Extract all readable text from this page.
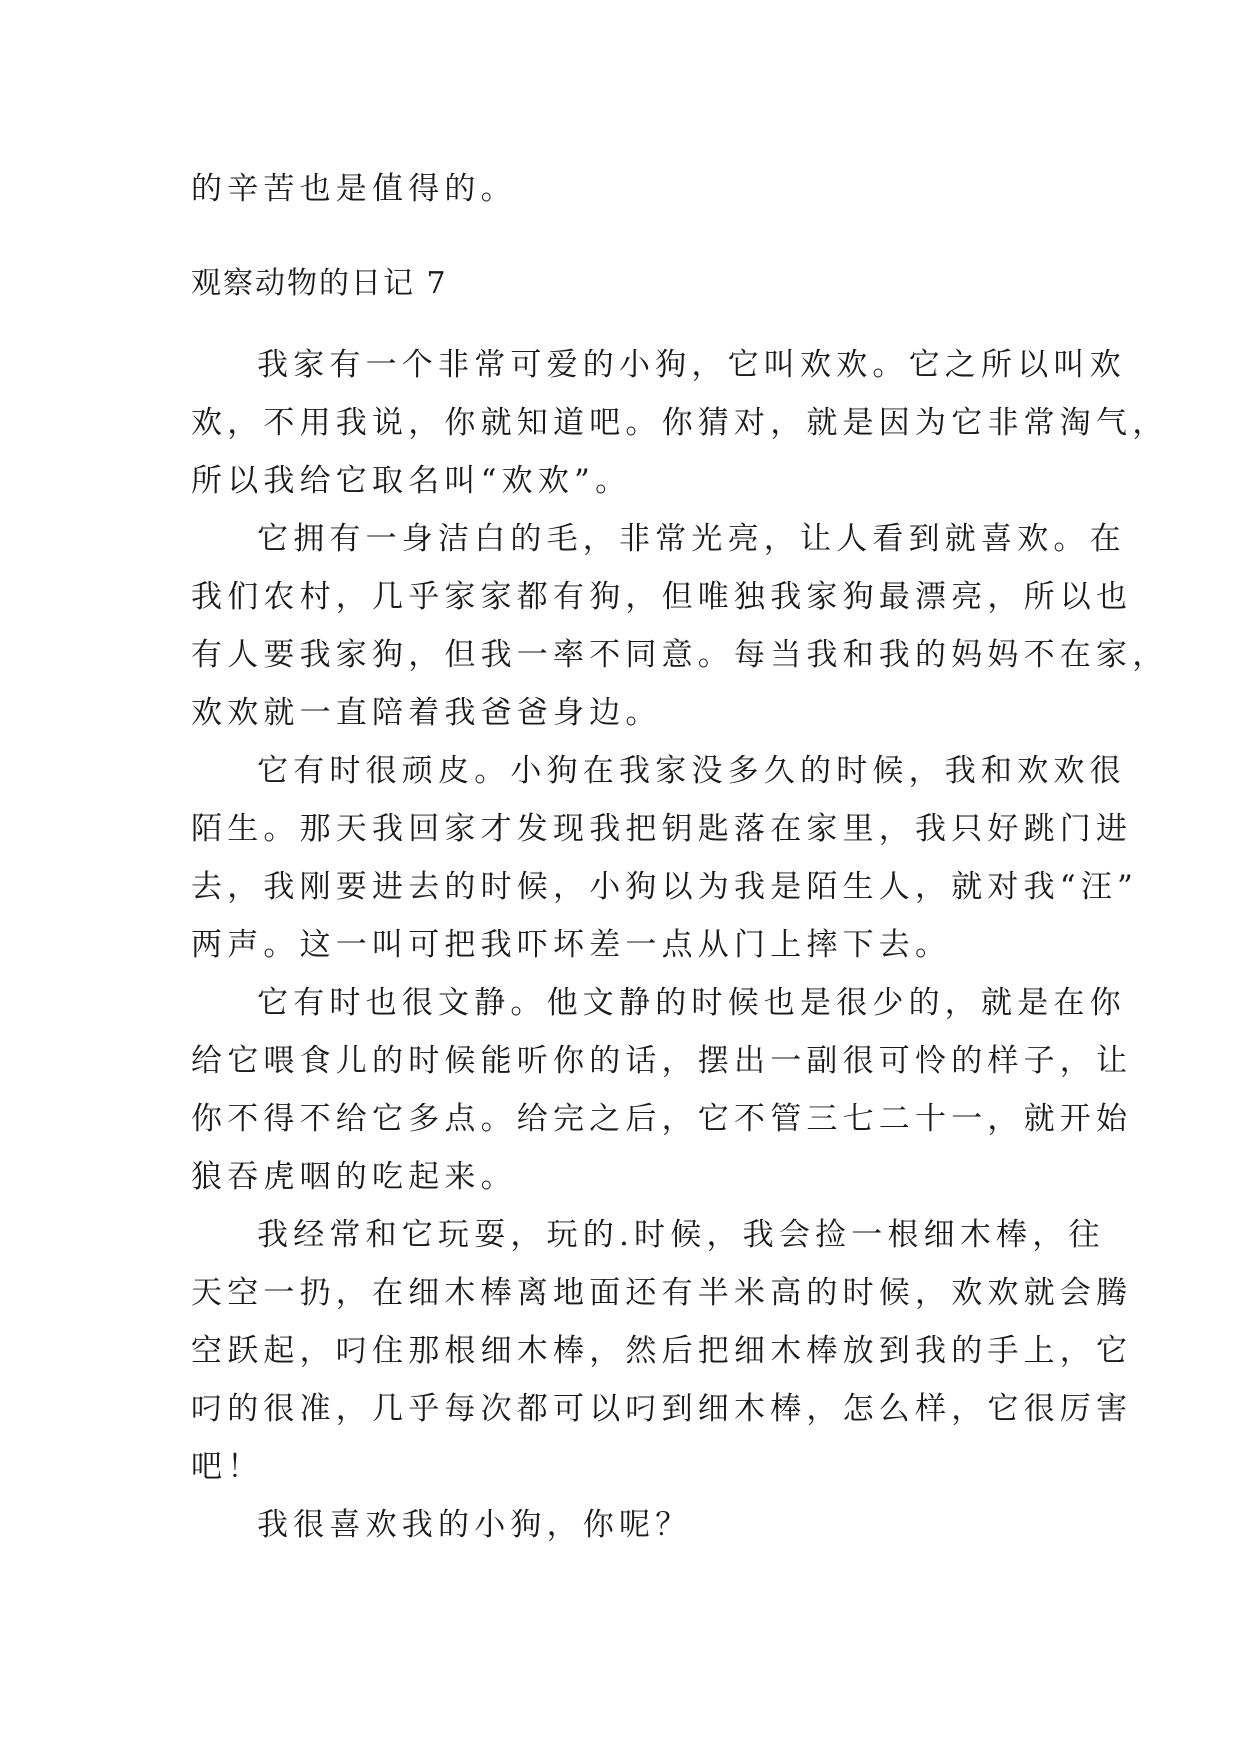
的辛苦也是值得的。
观察动物的日记 7
我家有一个非常可爱的小狗，它叫欢欢。它之所以叫欢
欢，不用我说，你就知道吧。你猜对，就是因为它非常淘气，
所以我给它取名叫“欢欢”。
它拥有一身洁白的毛，非常光亮，让人看到就喜欢。在
我们农村，几乎家家都有狗，但唯独我家狗最漂亮，所以也
有人要我家狗，但我一率不同意。每当我和我的妈妈不在家，
欢欢就一直陪着我爸爸身边。
它有时很顽皮。小狗在我家没多久的时候，我和欢欢很
陌生。那天我回家才发现我把钥匙落在家里，我只好跳门进
去，我刚要进去的时候，小狗以为我是陌生人，就对我“汪”
两声。这一叫可把我吓坏差一点从门上摔下去。
它有时也很文静。他文静的时候也是很少的，就是在你
给它喂食儿的时候能听你的话，摆出一副很可怜的样子，让
你不得不给它多点。给完之后，它不管三七二十一，就开始
狼吞虎咽的吃起来。
我经常和它玩耍，玩的.时候，我会捡一根细木棒，往
天空一扔，在细木棒离地面还有半米高的时候，欢欢就会腾
空跃起，叼住那根细木棒，然后把细木棒放到我的手上，它
叼的很准，几乎每次都可以叼到细木棒，怎么样，它很厉害
吧！
我很喜欢我的小狗，你呢？
